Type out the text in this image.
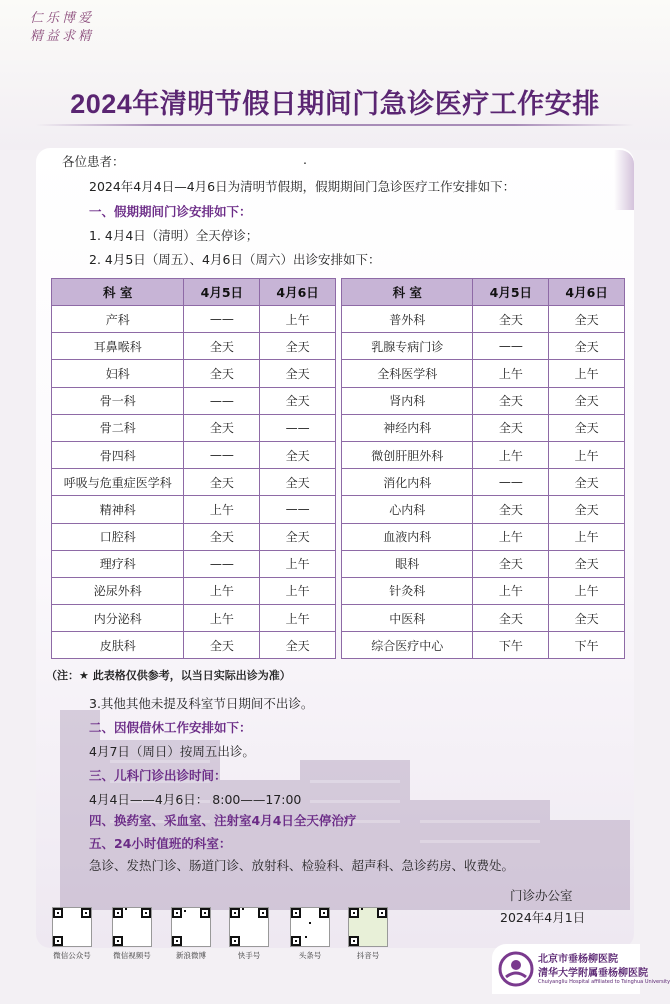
仁乐博爱
精益求精
2024年清明节假日期间门急诊医疗工作安排
各位患者：	.
2024年4月4日—4月6日为清明节假期，假期期间门急诊医疗工作安排如下：
一、假期期间门诊安排如下：
1. 4月4日（清明）全天停诊；
2. 4月5日（周五）、4月6日（周六）出诊安排如下：
科 室	4月5日	4月6日
产科	——	上午
耳鼻喉科	全天	全天
妇科	全天	全天
骨一科	——	全天
骨二科	全天	——
骨四科	——	全天
呼吸与危重症医学科	全天	全天
精神科	上午	——
口腔科	全天	全天
理疗科	——	上午
泌尿外科	上午	上午
内分泌科	上午	上午
皮肤科	全天	全天
科 室	4月5日	4月6日
普外科	全天	全天
乳腺专病门诊	——	全天
全科医学科	上午	上午
肾内科	全天	全天
神经内科	全天	全天
微创肝胆外科	上午	上午
消化内科	——	全天
心内科	全天	全天
血液内科	上午	上午
眼科	全天	全天
针灸科	上午	上午
中医科	全天	全天
综合医疗中心	下午	下午
（注：★ 此表格仅供参考，以当日实际出诊为准）
3.其他其他未提及科室节日期间不出诊。
二、因假借休工作安排如下：
4月7日（周日）按周五出诊。
三、儿科门诊出诊时间：
4月4日——4月6日： 8:00——17:00
四、换药室、采血室、注射室4月4日全天停治疗
五、24小时值班的科室：
急诊、发热门诊、肠道门诊、放射科、检验科、超声科、急诊药房、收费处。
门诊办公室
2024年4月1日
微信公众号	微信视频号	新浪微博	快手号	头条号	抖音号	北京市垂杨柳医院
清华大学附属垂杨柳医院
Chuiyangliu Hospital affiliated to Tsinghua University
